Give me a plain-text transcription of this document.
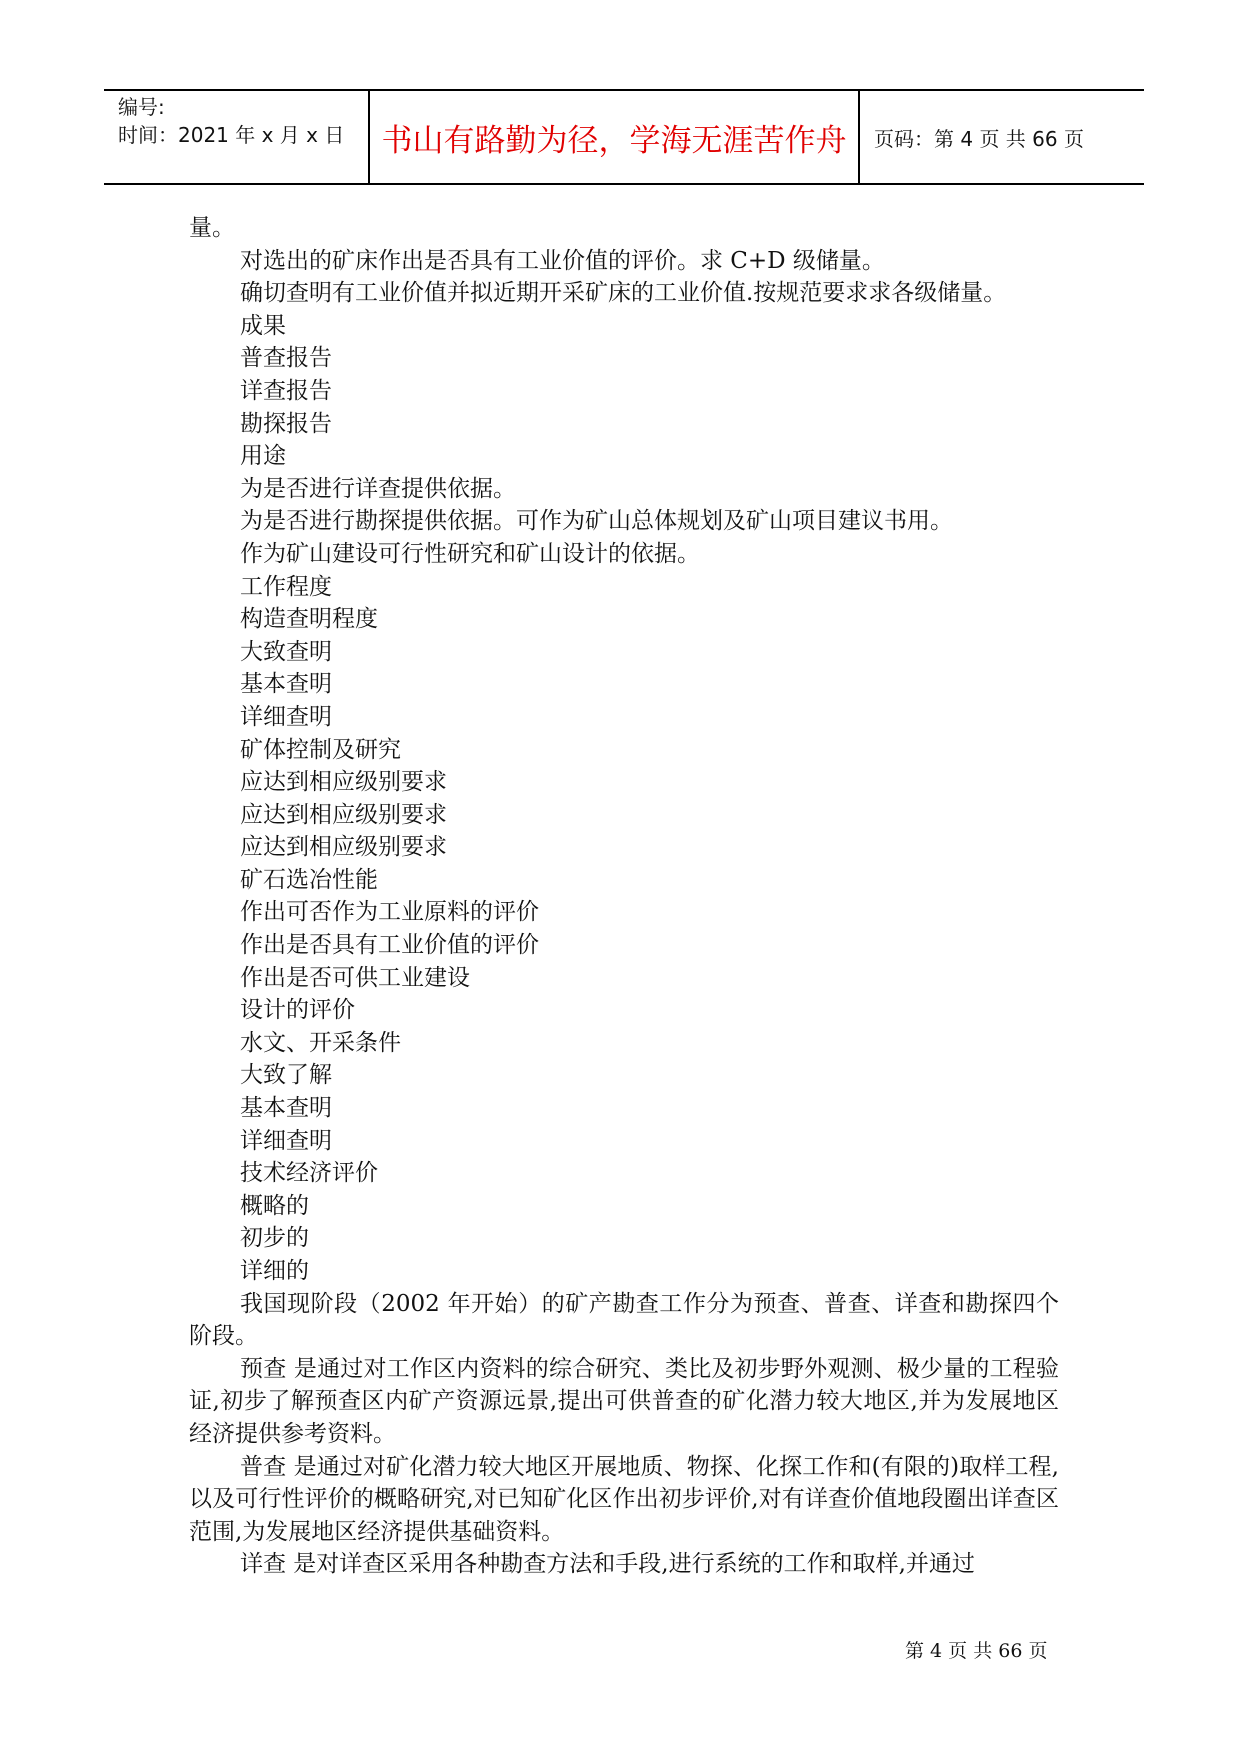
编号:
时间：2021 年 x 月 x 日	书山有路勤为径，学海无涯苦作舟	页码：第 4 页 共 66 页

量。

对选出的矿床作出是否具有工业价值的评价。求 C+D 级储量。

确切查明有工业价值并拟近期开采矿床的工业价值.按规范要求求各级储量。

成果

普查报告

详查报告

勘探报告

用途

为是否进行详查提供依据。

为是否进行勘探提供依据。可作为矿山总体规划及矿山项目建议书用。

作为矿山建设可行性研究和矿山设计的依据。

工作程度

构造查明程度

大致查明

基本查明

详细查明

矿体控制及研究

应达到相应级别要求

应达到相应级别要求

应达到相应级别要求

矿石选冶性能

作出可否作为工业原料的评价

作出是否具有工业价值的评价

作出是否可供工业建设

设计的评价

水文、开采条件

大致了解

基本查明

详细查明

技术经济评价

概略的

初步的

详细的

我国现阶段（2002 年开始）的矿产勘查工作分为预查、普查、详查和勘探四个阶段。

预查 是通过对工作区内资料的综合研究、类比及初步野外观测、极少量的工程验证,初步了解预查区内矿产资源远景,提出可供普查的矿化潜力较大地区,并为发展地区经济提供参考资料。

普查 是通过对矿化潜力较大地区开展地质、物探、化探工作和(有限的)取样工程,以及可行性评价的概略研究,对已知矿化区作出初步评价,对有详查价值地段圈出详查区范围,为发展地区经济提供基础资料。

详查 是对详查区采用各种勘查方法和手段,进行系统的工作和取样,并通过

第 4 页 共 66 页
